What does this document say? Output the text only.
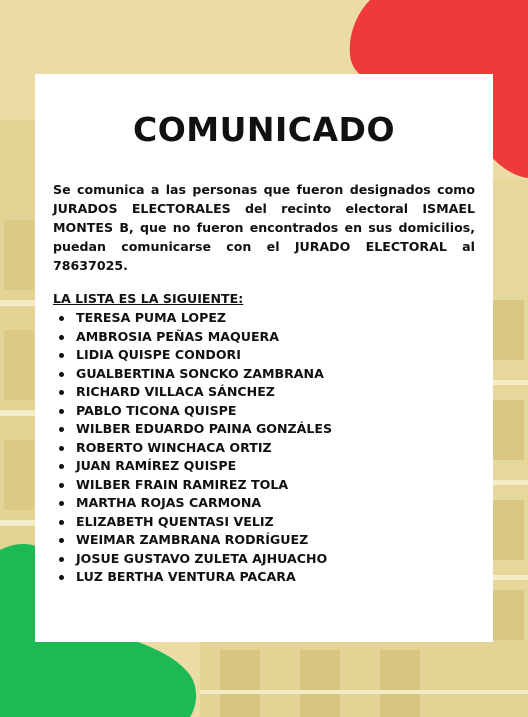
COMUNICADO

Se comunica a las personas que fueron designados como JURADOS ELECTORALES del recinto electoral ISMAEL MONTES B, que no fueron encontrados en sus domicilios, puedan comunicarse con el JURADO ELECTORAL al 78637025.

LA LISTA ES LA SIGUIENTE:

TERESA PUMA LOPEZ
AMBROSIA PEÑAS MAQUERA
LIDIA QUISPE CONDORI
GUALBERTINA SONCKO ZAMBRANA
RICHARD VILLACA SÁNCHEZ
PABLO TICONA QUISPE
WILBER EDUARDO PAINA GONZÁLES
ROBERTO WINCHACA ORTIZ
JUAN RAMÍREZ QUISPE
WILBER FRAIN RAMIREZ TOLA
MARTHA ROJAS CARMONA
ELIZABETH QUENTASI VELIZ
WEIMAR ZAMBRANA RODRÍGUEZ
JOSUE GUSTAVO ZULETA AJHUACHO
LUZ BERTHA VENTURA PACARA
